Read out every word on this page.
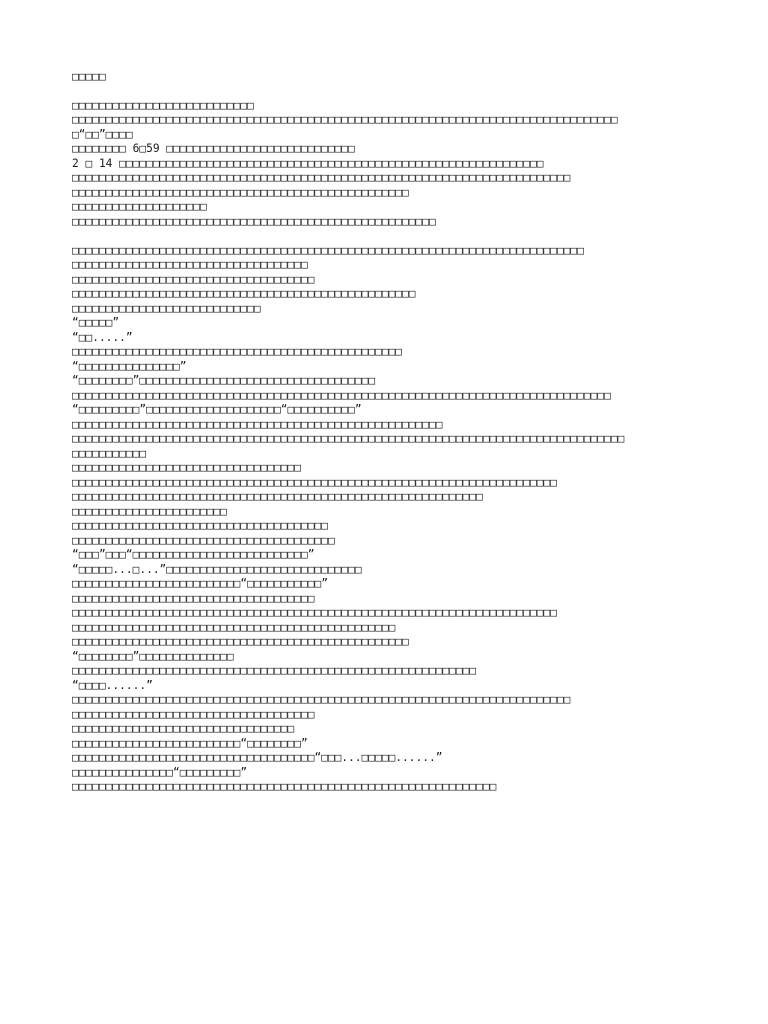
□□□□□
□□□□□□□□□□□□□□□□□□□□□□□□□□□
□□□□□□□□□□□□□□□□□□□□□□□□□□□□□□□□□□□□□□□□□□□□□□□□□□□□□□□□□□□□□□□□□□□□□□□□□□□□□□□□□
□“□□”□□□□
□□□□□□□□ 6□59 □□□□□□□□□□□□□□□□□□□□□□□□□□□□
2 □ 14 □□□□□□□□□□□□□□□□□□□□□□□□□□□□□□□□□□□□□□□□□□□□□□□□□□□□□□□□□□□□□□□
□□□□□□□□□□□□□□□□□□□□□□□□□□□□□□□□□□□□□□□□□□□□□□□□□□□□□□□□□□□□□□□□□□□□□□□□□□
□□□□□□□□□□□□□□□□□□□□□□□□□□□□□□□□□□□□□□□□□□□□□□□□□□
□□□□□□□□□□□□□□□□□□□□
□□□□□□□□□□□□□□□□□□□□□□□□□□□□□□□□□□□□□□□□□□□□□□□□□□□□□□
□□□□□□□□□□□□□□□□□□□□□□□□□□□□□□□□□□□□□□□□□□□□□□□□□□□□□□□□□□□□□□□□□□□□□□□□□□□□
□□□□□□□□□□□□□□□□□□□□□□□□□□□□□□□□□□□
□□□□□□□□□□□□□□□□□□□□□□□□□□□□□□□□□□□□
□□□□□□□□□□□□□□□□□□□□□□□□□□□□□□□□□□□□□□□□□□□□□□□□□□□
□□□□□□□□□□□□□□□□□□□□□□□□□□□□
“□□□□□”
“□□.....”
□□□□□□□□□□□□□□□□□□□□□□□□□□□□□□□□□□□□□□□□□□□□□□□□□
“□□□□□□□□□□□□□□□”
“□□□□□□□□”□□□□□□□□□□□□□□□□□□□□□□□□□□□□□□□□□□□
□□□□□□□□□□□□□□□□□□□□□□□□□□□□□□□□□□□□□□□□□□□□□□□□□□□□□□□□□□□□□□□□□□□□□□□□□□□□□□□□
“□□□□□□□□□”□□□□□□□□□□□□□□□□□□□□“□□□□□□□□□□”
□□□□□□□□□□□□□□□□□□□□□□□□□□□□□□□□□□□□□□□□□□□□□□□□□□□□□□□
□□□□□□□□□□□□□□□□□□□□□□□□□□□□□□□□□□□□□□□□□□□□□□□□□□□□□□□□□□□□□□□□□□□□□□□□□□□□□□□□□□
□□□□□□□□□□□
□□□□□□□□□□□□□□□□□□□□□□□□□□□□□□□□□□
□□□□□□□□□□□□□□□□□□□□□□□□□□□□□□□□□□□□□□□□□□□□□□□□□□□□□□□□□□□□□□□□□□□□□□□□
□□□□□□□□□□□□□□□□□□□□□□□□□□□□□□□□□□□□□□□□□□□□□□□□□□□□□□□□□□□□□
□□□□□□□□□□□□□□□□□□□□□□□
□□□□□□□□□□□□□□□□□□□□□□□□□□□□□□□□□□□□□□
□□□□□□□□□□□□□□□□□□□□□□□□□□□□□□□□□□□□□□□
“□□□”□□□“□□□□□□□□□□□□□□□□□□□□□□□□□□”
“□□□□□...□...”□□□□□□□□□□□□□□□□□□□□□□□□□□□□□
□□□□□□□□□□□□□□□□□□□□□□□□□“□□□□□□□□□□□”
□□□□□□□□□□□□□□□□□□□□□□□□□□□□□□□□□□□□
□□□□□□□□□□□□□□□□□□□□□□□□□□□□□□□□□□□□□□□□□□□□□□□□□□□□□□□□□□□□□□□□□□□□□□□□
□□□□□□□□□□□□□□□□□□□□□□□□□□□□□□□□□□□□□□□□□□□□□□□□
□□□□□□□□□□□□□□□□□□□□□□□□□□□□□□□□□□□□□□□□□□□□□□□□□□
“□□□□□□□□”□□□□□□□□□□□□□□
□□□□□□□□□□□□□□□□□□□□□□□□□□□□□□□□□□□□□□□□□□□□□□□□□□□□□□□□□□□□
“□□□□......”
□□□□□□□□□□□□□□□□□□□□□□□□□□□□□□□□□□□□□□□□□□□□□□□□□□□□□□□□□□□□□□□□□□□□□□□□□□
□□□□□□□□□□□□□□□□□□□□□□□□□□□□□□□□□□□□
□□□□□□□□□□□□□□□□□□□□□□□□□□□□□□□□□
□□□□□□□□□□□□□□□□□□□□□□□□□“□□□□□□□□”
□□□□□□□□□□□□□□□□□□□□□□□□□□□□□□□□□□□□“□□□...□□□□□......”
□□□□□□□□□□□□□□□“□□□□□□□□□”
□□□□□□□□□□□□□□□□□□□□□□□□□□□□□□□□□□□□□□□□□□□□□□□□□□□□□□□□□□□□□□□
